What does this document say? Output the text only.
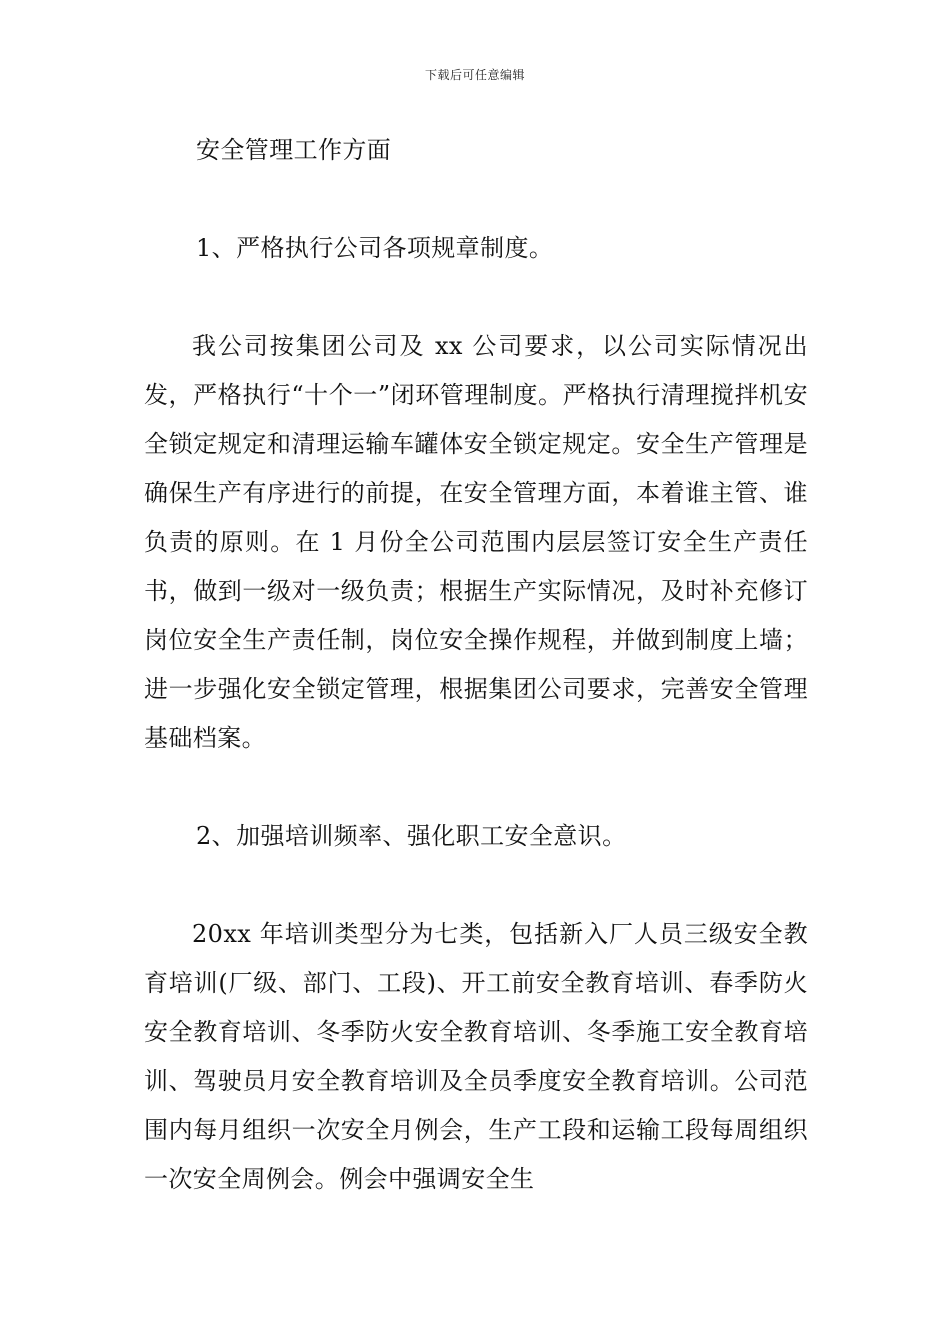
下载后可任意编辑

安全管理工作方面

1、严格执行公司各项规章制度。

我公司按集团公司及 xx 公司要求，以公司实际情况出发，严格执行“十个一”闭环管理制度。严格执行清理搅拌机安全锁定规定和清理运输车罐体安全锁定规定。安全生产管理是确保生产有序进行的前提，在安全管理方面，本着谁主管、谁负责的原则。在 1 月份全公司范围内层层签订安全生产责任书，做到一级对一级负责；根据生产实际情况，及时补充修订岗位安全生产责任制，岗位安全操作规程，并做到制度上墙；进一步强化安全锁定管理，根据集团公司要求，完善安全管理基础档案。

2、加强培训频率、强化职工安全意识。

20xx 年培训类型分为七类，包括新入厂人员三级安全教育培训(厂级、部门、工段)、开工前安全教育培训、春季防火安全教育培训、冬季防火安全教育培训、冬季施工安全教育培训、驾驶员月安全教育培训及全员季度安全教育培训。公司范围内每月组织一次安全月例会，生产工段和运输工段每周组织一次安全周例会。例会中强调安全生
